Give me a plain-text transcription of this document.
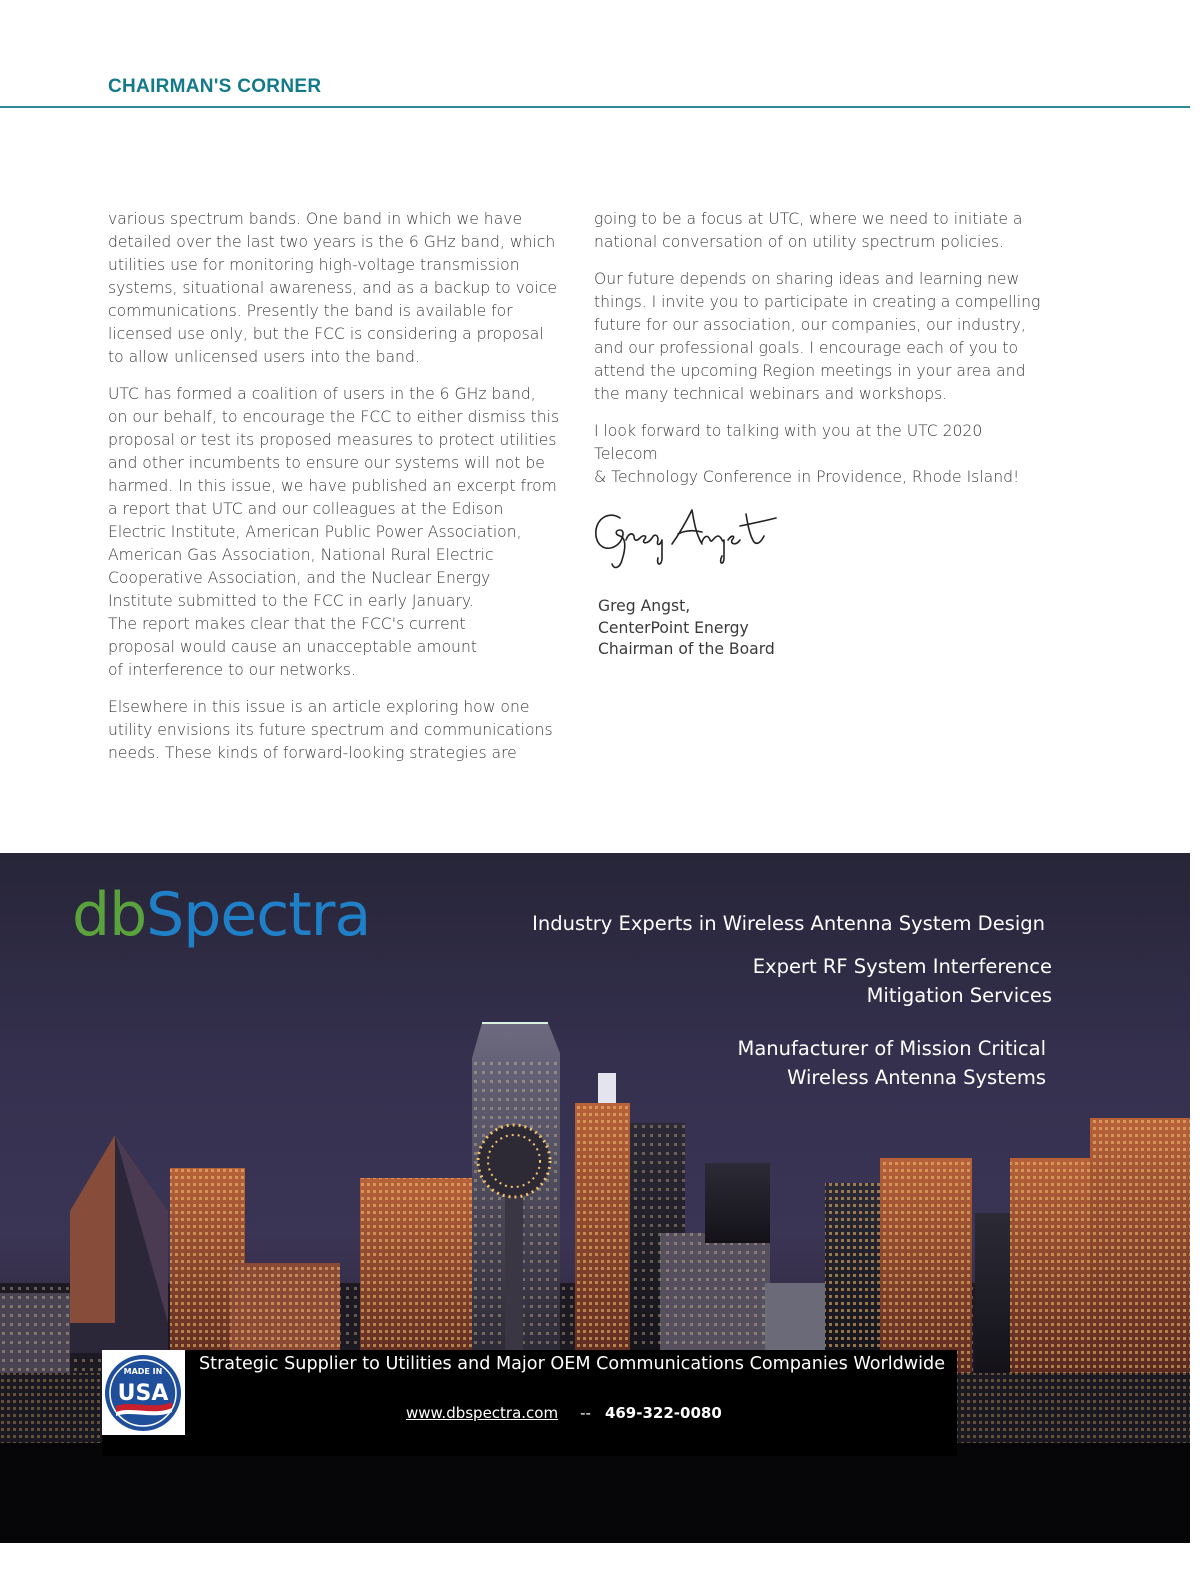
CHAIRMAN'S CORNER

various spectrum bands. One band in which we have
detailed over the last two years is the 6 GHz band, which
utilities use for monitoring high-voltage transmission
systems, situational awareness, and as a backup to voice
communications. Presently the band is available for
licensed use only, but the FCC is considering a proposal
to allow unlicensed users into the band.

UTC has formed a coalition of users in the 6 GHz band,
on our behalf, to encourage the FCC to either dismiss this
proposal or test its proposed measures to protect utilities
and other incumbents to ensure our systems will not be
harmed. In this issue, we have published an excerpt from
a report that UTC and our colleagues at the Edison
Electric Institute, American Public Power Association,
American Gas Association, National Rural Electric
Cooperative Association, and the Nuclear Energy
Institute submitted to the FCC in early January.
The report makes clear that the FCC's current
proposal would cause an unacceptable amount
of interference to our networks.

Elsewhere in this issue is an article exploring how one
utility envisions its future spectrum and communications
needs. These kinds of forward-looking strategies are

going to be a focus at UTC, where we need to initiate a
national conversation of on utility spectrum policies.

Our future depends on sharing ideas and learning new
things. I invite you to participate in creating a compelling
future for our association, our companies, our industry,
and our professional goals. I encourage each of you to
attend the upcoming Region meetings in your area and
the many technical webinars and workshops.

I look forward to talking with you at the UTC 2020 Telecom
& Technology Conference in Providence, Rhode Island!

Greg Angst,
CenterPoint Energy
Chairman of the Board
dbSpectra	Industry Experts in Wireless Antenna System Design
Expert RF System Interference
Mitigation Services
Manufacturer of Mission Critical
Wireless Antenna Systems
MADE IN
USA
Strategic Supplier to Utilities and Major OEM Communications Companies Worldwide
www.dbspectra.com -- 469-322-0080
